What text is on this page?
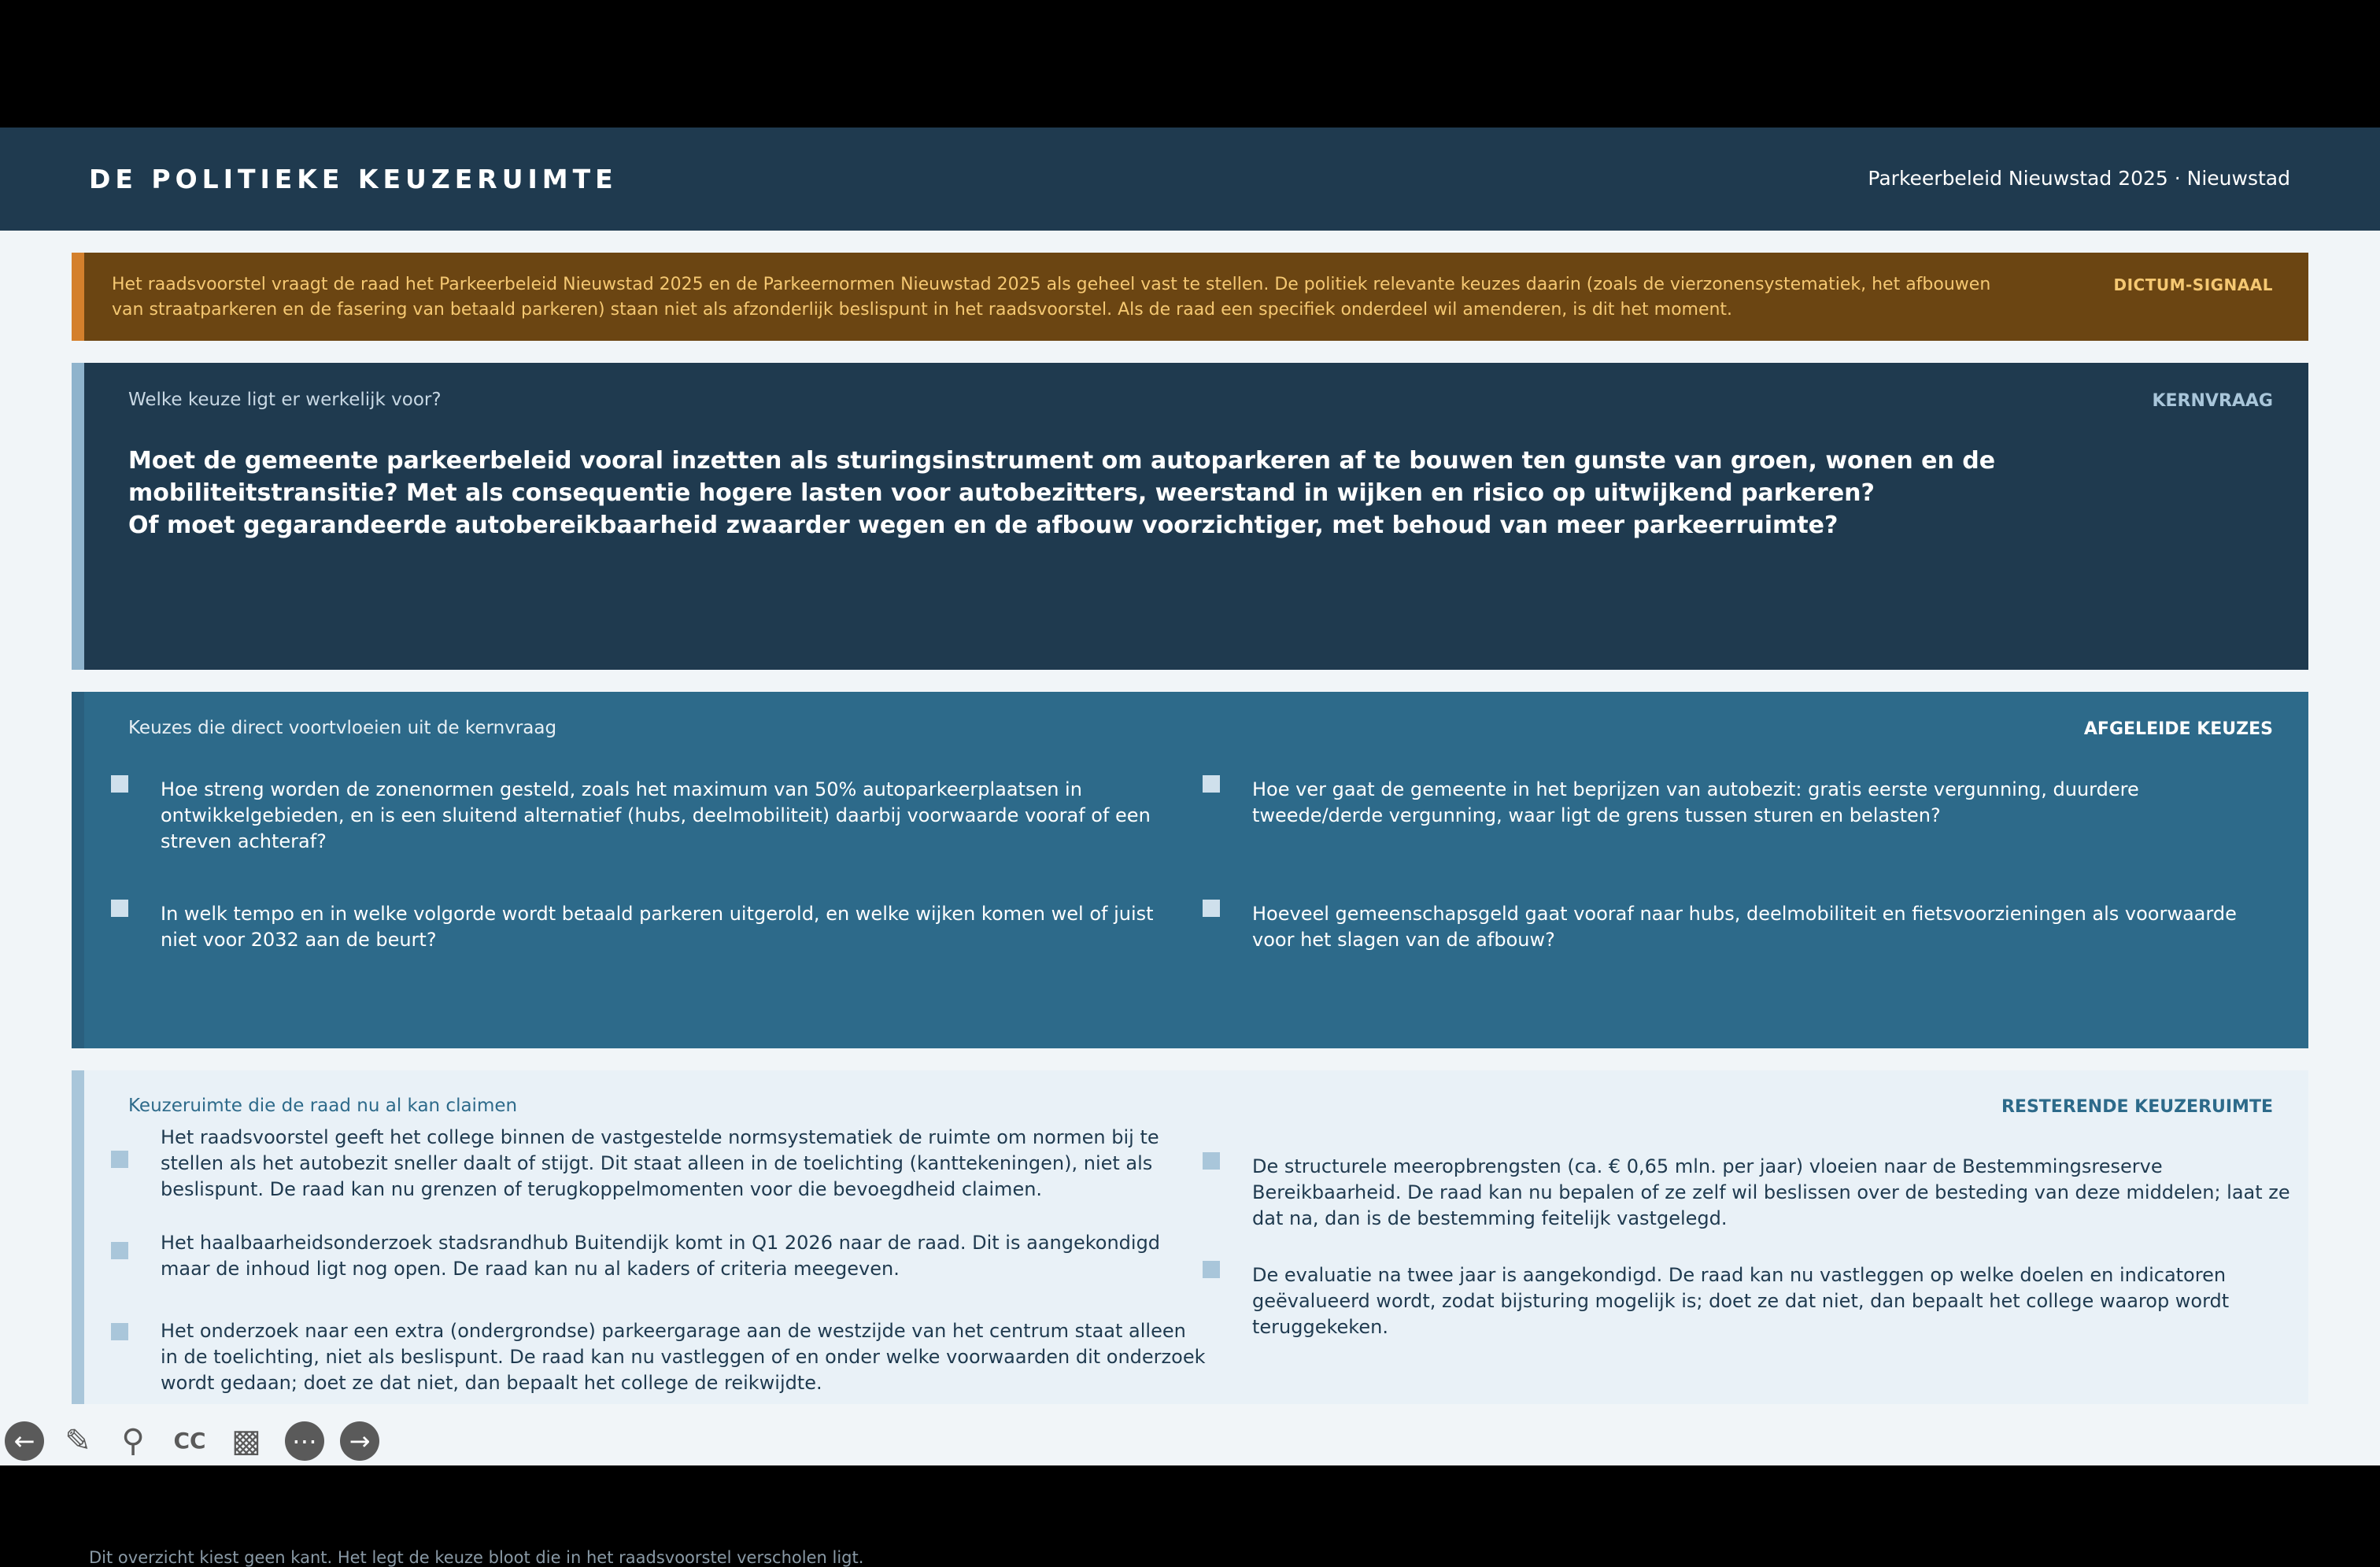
DE POLITIEKE KEUZERUIMTE	Parkeerbeleid Nieuwstad 2025 · Nieuwstad
Het raadsvoorstel vraagt de raad het Parkeerbeleid Nieuwstad 2025 en de Parkeernormen Nieuwstad 2025 als geheel vast te stellen. De politiek relevante keuzes daarin (zoals de vierzonensystematiek, het afbouwen van straatparkeren en de fasering van betaald parkeren) staan niet als afzonderlijk beslispunt in het raadsvoorstel. Als de raad een specifiek onderdeel wil amenderen, is dit het moment.
DICTUM-SIGNAAL
Welke keuze ligt er werkelijk voor?	KERNVRAAG

Moet de gemeente parkeerbeleid vooral inzetten als sturingsinstrument om autoparkeren af te bouwen ten gunste van groen, wonen en de mobiliteitstransitie? Met als consequentie hogere lasten voor autobezitters, weerstand in wijken en risico op uitwijkend parkeren?

Of moet gegarandeerde autobereikbaarheid zwaarder wegen en de afbouw voorzichtiger, met behoud van meer parkeerruimte?

Keuzes die direct voortvloeien uit de kernvraag	AFGELEIDE KEUZES
Hoe streng worden de zonenormen gesteld, zoals het maximum van 50% autoparkeerplaatsen in ontwikkelgebieden, en is een sluitend alternatief (hubs, deelmobiliteit) daarbij voorwaarde vooraf of een streven achteraf?
Hoe ver gaat de gemeente in het beprijzen van autobezit: gratis eerste vergunning, duurdere tweede/derde vergunning, waar ligt de grens tussen sturen en belasten?
In welk tempo en in welke volgorde wordt betaald parkeren uitgerold, en welke wijken komen wel of juist niet voor 2032 aan de beurt?
Hoeveel gemeenschapsgeld gaat vooraf naar hubs, deelmobiliteit en fietsvoorzieningen als voorwaarde voor het slagen van de afbouw?
Keuzeruimte die de raad nu al kan claimen	RESTERENDE KEUZERUIMTE
Het raadsvoorstel geeft het college binnen de vastgestelde normsystematiek de ruimte om normen bij te stellen als het autobezit sneller daalt of stijgt. Dit staat alleen in de toelichting (kanttekeningen), niet als beslispunt. De raad kan nu grenzen of terugkoppelmomenten voor die bevoegdheid claimen.
De structurele meeropbrengsten (ca. € 0,65 mln. per jaar) vloeien naar de Bestemmingsreserve Bereikbaarheid. De raad kan nu bepalen of ze zelf wil beslissen over de besteding van deze middelen; laat ze dat na, dan is de bestemming feitelijk vastgelegd.
Het haalbaarheidsonderzoek stadsrandhub Buitendijk komt in Q1 2026 naar de raad. Dit is aangekondigd maar de inhoud ligt nog open. De raad kan nu al kaders of criteria meegeven.	De evaluatie na twee jaar is aangekondigd. De raad kan nu vastleggen op welke doelen en indicatoren geëvalueerd wordt, zodat bijsturing mogelijk is; doet ze dat niet, dan bepaalt het college waarop wordt teruggekeken.
Het onderzoek naar een extra (ondergrondse) parkeergarage aan de westzijde van het centrum staat alleen in de toelichting, niet als beslispunt. De raad kan nu vastleggen of en onder welke voorwaarden dit onderzoek wordt gedaan; doet ze dat niet, dan bepaalt het college de reikwijdte.
Dit overzicht kiest geen kant. Het legt de keuze bloot die in het raadsvoorstel verscholen ligt.
← ✎ ⚲	CC ▩ ⋯	→
